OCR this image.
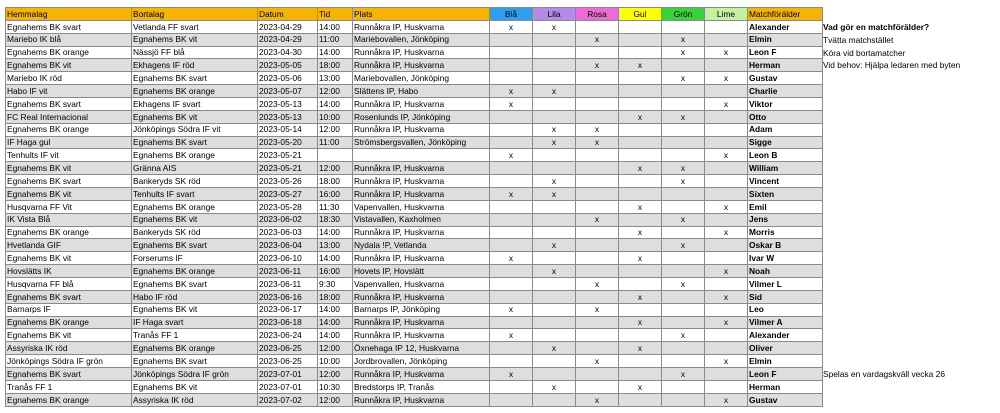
Hemmalag	Bortalag	Datum	Tid	Plats	Blå	Lila	Rosa	Gul	Grön	Lime	Matchförälder
Egnahems BK svart	Vetlanda FF svart	2023-04-29	14:00	Runnåkra IP, Huskvarna	x	x					Alexander
Mariebo IK blå	Egnahems BK vit	2023-04-29	11:00	Mariebovallen, Jönköping			x		x		Elmin
Egnahems BK orange	Nässjö FF blå	2023-04-30	14:00	Runnåkra IP, Huskvarna					x	x	Leon F
Egnahems BK vit	Ekhagens IF röd	2023-05-05	18:00	Runnåkra IP, Huskvarna			x	x			Herman
Mariebo IK röd	Egnahems BK svart	2023-05-06	13:00	Mariebovallen, Jönköping					x	x	Gustav
Habo IF vit	Egnahems BK orange	2023-05-07	12:00	Slättens IP, Habo	x	x					Charlie
Egnahems BK svart	Ekhagens IF svart	2023-05-13	14:00	Runnåkra IP, Huskvarna	x					x	Viktor
FC Real Internacional	Egnahems BK vit	2023-05-13	10:00	Rosenlunds IP, Jönköping				x	x		Otto
Egnahems BK orange	Jönköpings Södra IF vit	2023-05-14	12:00	Runnåkra IP, Huskvarna		x	x				Adam
IF Haga gul	Egnahems BK svart	2023-05-20	11:00	Strömsbergsvallen, Jönköping		x	x				Sigge
Tenhults IF vit	Egnahems BK orange	2023-05-21			x					x	Leon B
Egnahems BK vit	Gränna AIS	2023-05-21	12:00	Runnåkra IP, Huskvarna				x	x		William
Egnahems BK svart	Bankeryds SK röd	2023-05-26	18:00	Runnåkra IP, Huskvarna		x			x		Vincent
Egnahems BK vit	Tenhults IF svart	2023-05-27	16:00	Runnåkra IP, Huskvarna	x	x					Sixten
Husqvarna FF Vit	Egnahems BK orange	2023-05-28	11:30	Vapenvallen, Huskvarna				x		x	Emil
IK Vista Blå	Egnahems BK vit	2023-06-02	18:30	Vistavallen, Kaxholmen			x		x		Jens
Egnahems BK orange	Bankeryds SK röd	2023-06-03	14:00	Runnåkra IP, Huskvarna				x		x	Morris
Hvetlanda GIF	Egnahems BK svart	2023-06-04	13:00	Nydala !P, Vetlanda		x			x		Oskar B
Egnahems BK vit	Forserums IF	2023-06-10	14:00	Runnåkra IP, Huskvarna	x			x			Ivar W
Hovslätts IK	Egnahems BK orange	2023-06-11	16:00	Hovets IP, Hovslätt		x				x	Noah
Husqvarna FF blå	Egnahems BK svart	2023-06-11	9:30	Vapenvallen, Huskvarna			x		x		Vilmer L
Egnahems BK svart	Habo IF röd	2023-06-16	18:00	Runnåkra IP, Huskvarna				x		x	Sid
Barnarps IF	Egnahems BK vit	2023-06-17	14:00	Barnarps IP, Jönköping	x		x				Leo
Egnahems BK orange	IF Haga svart	2023-06-18	14:00	Runnåkra IP, Huskvarna				x		x	Vilmer A
Egnahems BK vit	Tranås FF 1	2023-06-24	14:00	Runnåkra IP, Huskvarna	x				x		Alexander
Assyriska IK röd	Egnahems BK orange	2023-06-25	12:00	Öxnehaga IP 12, Huskvarna		x		x			Oliver
Jönköpings Södra IF grön	Egnahems BK svart	2023-06-25	10:00	Jordbrovallen, Jönköping			x			x	Elmin
Egnahems BK svart	Jönköpings Södra IF grön	2023-07-01	12:00	Runnåkra IP, Huskvarna	x				x		Leon F
Tranås FF 1	Egnahems BK vit	2023-07-01	10:30	Bredstorps IP, Tranås		x		x			Herman
Egnahems BK orange	Assyriska IK röd	2023-07-02	12:00	Runnåkra IP, Huskvarna			x			x	Gustav
Vad gör en matchförälder?
Tvätta matchstället
Köra vid bortamatcher
Vid behov: Hjälpa ledaren med byten
Spelas en vardagskväll vecka 26
